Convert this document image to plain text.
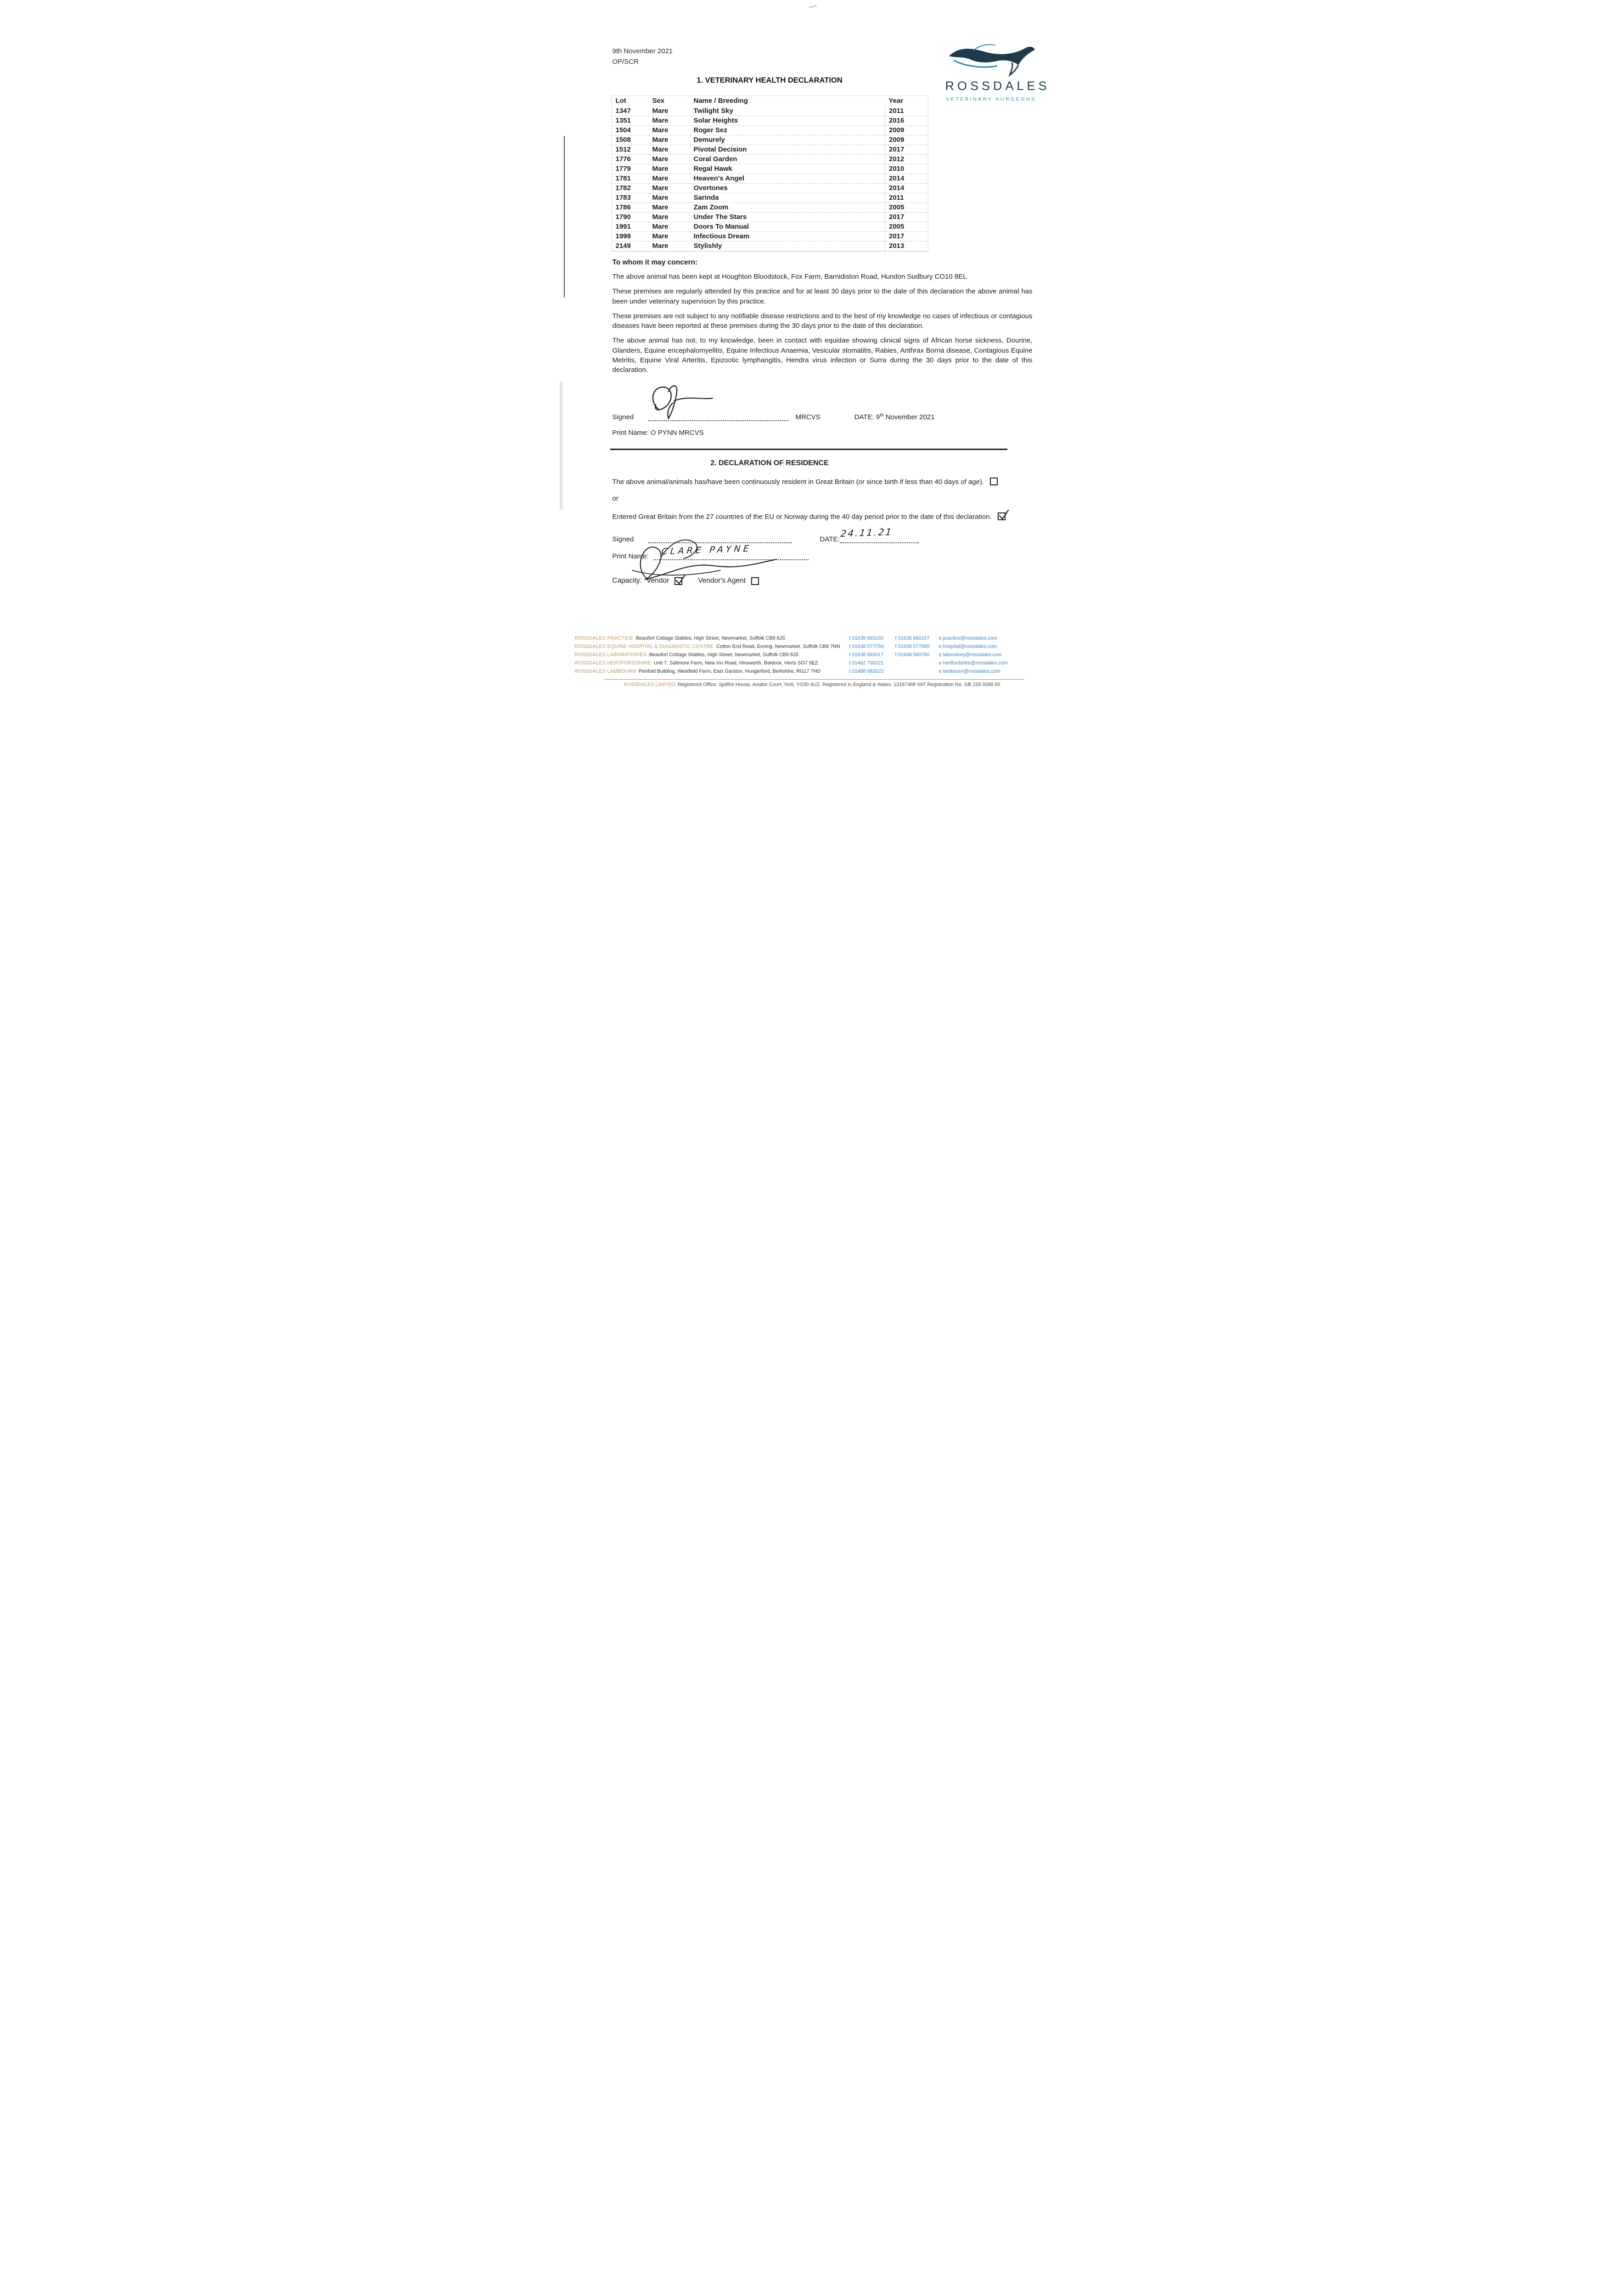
9th November 2021
OP/SCR
ROSSDALES
VETERINARY SURGEONS
1. VETERINARY HEALTH DECLARATION
Lot	Sex	Name / Breeding	Year
1347	Mare	Twilight Sky	2011
1351	Mare	Solar Heights	2016
1504	Mare	Roger Sez	2009
1508	Mare	Demurely	2009
1512	Mare	Pivotal Decision	2017
1776	Mare	Coral Garden	2012
1779	Mare	Regal Hawk	2010
1781	Mare	Heaven's Angel	2014
1782	Mare	Overtones	2014
1783	Mare	Sarinda	2011
1786	Mare	Zam Zoom	2005
1790	Mare	Under The Stars	2017
1991	Mare	Doors To Manual	2005
1999	Mare	Infectious Dream	2017
2149	Mare	Stylishly	2013
To whom it may concern:

The above animal has been kept at Houghton Bloodstock, Fox Farm, Barnidiston Road, Hundon Sudbury CO10 8EL

These premises are regularly attended by this practice and for at least 30 days prior to the date of this declaration the above animal has been under veterinary supervision by this practice.

These premises are not subject to any notifiable disease restrictions and to the best of my knowledge no cases of infectious or contagious diseases have been reported at these premises during the 30 days prior to the date of this declaration.

The above animal has not, to my knowledge, been in contact with equidae showing clinical signs of African horse sickness, Dourine, Glanders, Equine encephalomyelitis, Equine Infectious Anaemia, Vesicular stomatitis, Rabies, Anthrax Borna disease, Contagious Equine Metritis, Equine Viral Arteritis, Epizootic lymphangitis, Hendra virus infection or Surra during the 30 days prior to the date of this declaration.

Signed	MRCVS	DATE: 9th November 2021
Print Name: O PYNN MRCVS
2. DECLARATION OF RESIDENCE

The above animal/animals has/have been continuously resident in Great Britain (or since birth if less than 40 days of age).

or

Entered Great Britain from the 27 countries of the EU or Norway during the 40 day period prior to the date of this declaration.

Signed	DATE:
24.11.21
Print Name: CLARE PAYNE
Capacity: Vendor	Vendor's Agent
ROSSDALES PRACTICE Beaufort Cottage Stables, High Street, Newmarket, Suffolk CB8 8JS	t 01638 663150	f 01638 660157	e practice@rossdales.com
ROSSDALES EQUINE HOSPITAL & DIAGNOSTIC CENTRE Cotton End Road, Exning, Newmarket, Suffolk CB8 7NN	t 01638 577754	f 01638 577989	e hospital@rossdales.com
ROSSDALES LABORATORIES Beaufort Cottage Stables, High Street, Newmarket, Suffolk CB8 8JS	t 01638 663017	f 01638 560780	e laboratory@rossdales.com
ROSSDALES HERTFORDSHIRE Unit 7, Saltmore Farm, New Inn Road, Hinxworth, Baldock, Herts SG7 5EZ	t 01462 790221	e hertfordshire@rossdales.com
ROSSDALES LAMBOURN Penfold Building, Westfield Farm, East Garston, Hungerford, Berkshire, RG17 7HD	t 01488 683522	e lambourn@rossdales.com
ROSSDALES LIMITED, Registered Office: Spitfire House, Aviator Court, York, YO30 4UZ. Registered in England & Wales: 13167468 VAT Registration No. GB 228 9288 65
